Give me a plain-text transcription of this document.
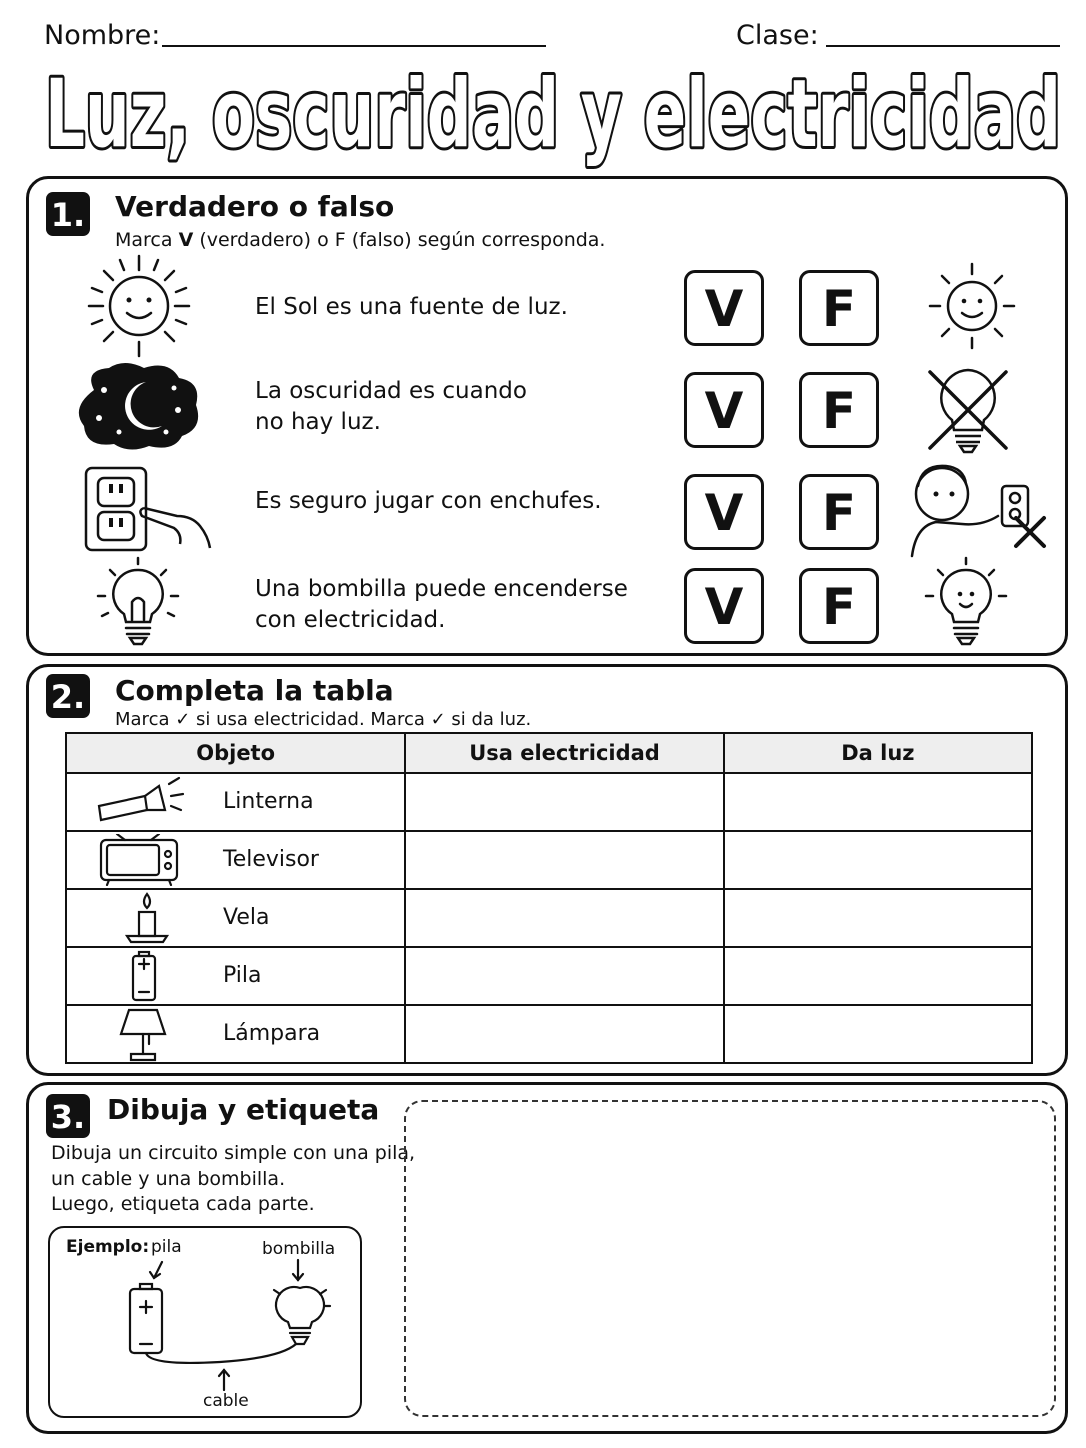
Nombre:	Clase:
Luz, oscuridad y electricidad
1. Verdadero o falso
Marca V (verdadero) o F (falso) según corresponda.
El Sol es una fuente de luz.	V	F
La oscuridad es cuando
no hay luz.	V	F
Es seguro jugar con enchufes.	V	F
Una bombilla puede encenderse
con electricidad.	V	F
2. Completa la tabla
Marca ✓ si usa electricidad. Marca ✓ si da luz.
Objeto	Usa electricidad	Da luz

Linterna		

Televisor		

Vela		

Pila		

Lámpara		

3. Dibuja y etiqueta
Dibuja un circuito simple con una pila,
un cable y una bombilla.
Luego, etiqueta cada parte.
Ejemplo: pila	bombilla
cable
